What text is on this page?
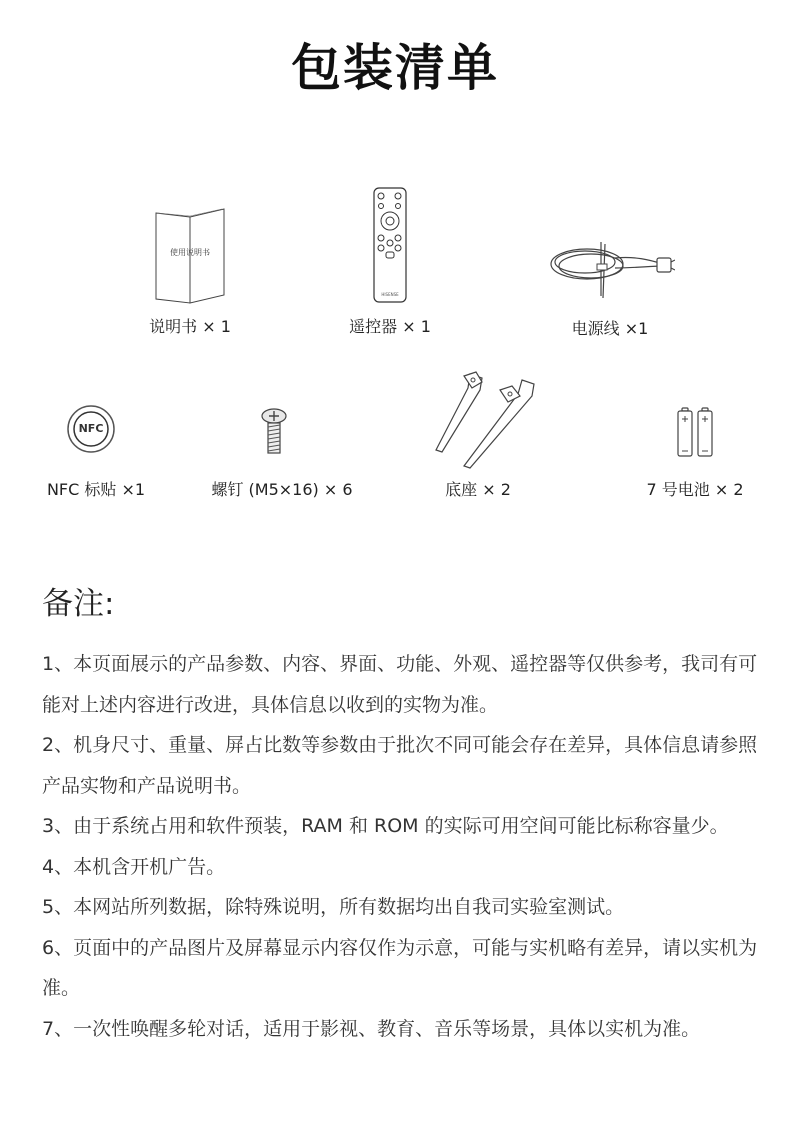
包装清单
使用说明书
说明书 × 1
HISENSE
遥控器 × 1	电源线 ×1
NFC
NFC 标贴 ×1	螺钉 (M5×16) × 6	底座 × 2	7 号电池 × 2
备注:

1、本页面展示的产品参数、内容、界面、功能、外观、遥控器等仅供参考，我司有可能对上述内容进行改进，具体信息以收到的实物为准。

2、机身尺寸、重量、屏占比数等参数由于批次不同可能会存在差异，具体信息请参照产品实物和产品说明书。

3、由于系统占用和软件预装，RAM 和 ROM 的实际可用空间可能比标称容量少。

4、本机含开机广告。

5、本网站所列数据，除特殊说明，所有数据均出自我司实验室测试。

6、页面中的产品图片及屏幕显示内容仅作为示意，可能与实机略有差异，请以实机为准。

7、一次性唤醒多轮对话，适用于影视、教育、音乐等场景，具体以实机为准。
